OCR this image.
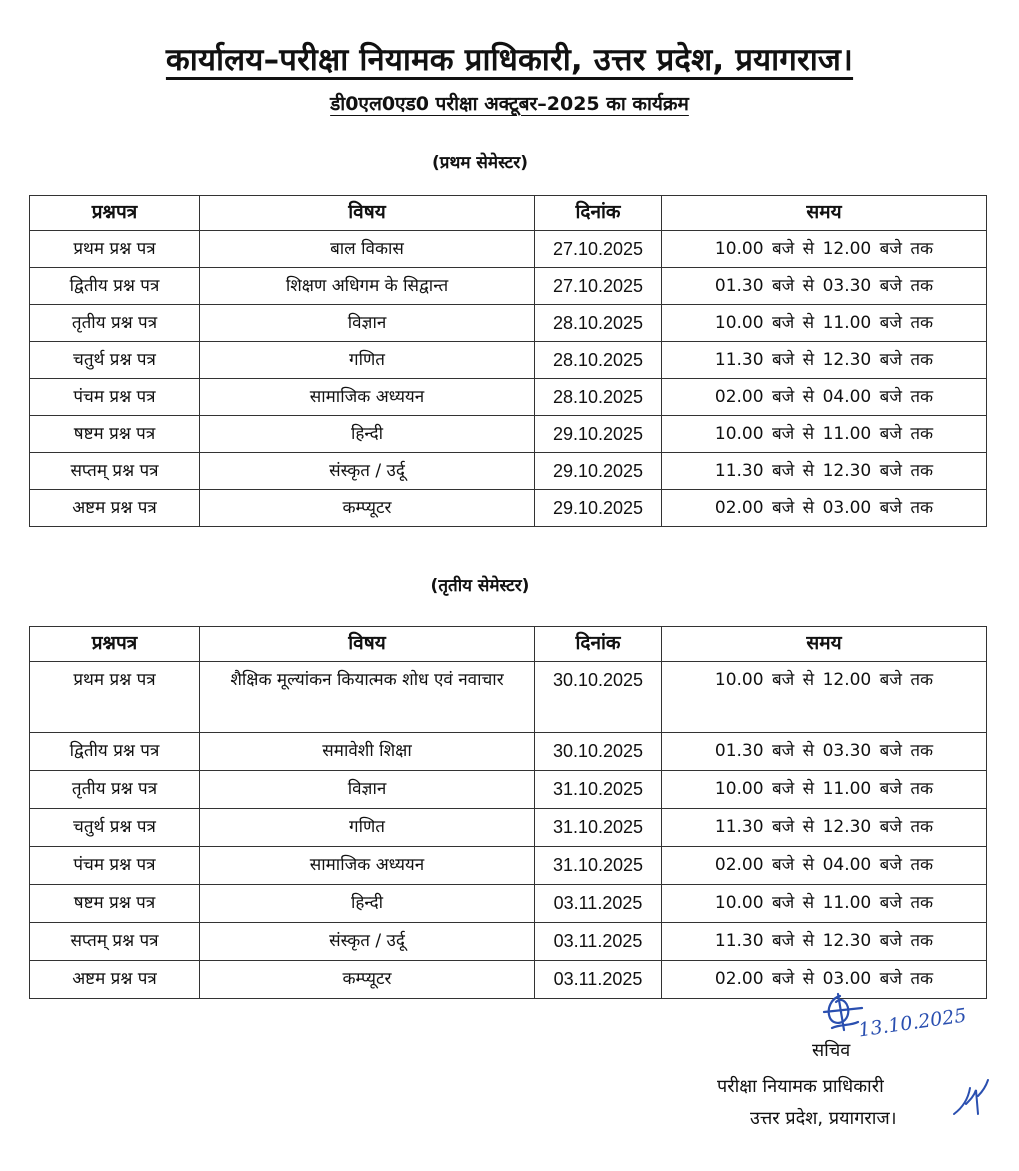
कार्यालय–परीक्षा नियामक प्राधिकारी, उत्तर प्रदेश, प्रयागराज।
डी0एल0एड0 परीक्षा अक्टूबर–2025 का कार्यक्रम
(प्रथम सेमेस्टर)
प्रश्नपत्र	विषय	दिनांक	समय
प्रथम प्रश्न पत्र	बाल विकास	27.10.2025	10.00 बजे से 12.00 बजे तक
द्वितीय प्रश्न पत्र	शिक्षण अधिगम के सिद्वान्त	27.10.2025	01.30 बजे से 03.30 बजे तक
तृतीय प्रश्न पत्र	विज्ञान	28.10.2025	10.00 बजे से 11.00 बजे तक
चतुर्थ प्रश्न पत्र	गणित	28.10.2025	11.30 बजे से 12.30 बजे तक
पंचम प्रश्न पत्र	सामाजिक अध्ययन	28.10.2025	02.00 बजे से 04.00 बजे तक
षष्टम प्रश्न पत्र	हिन्दी	29.10.2025	10.00 बजे से 11.00 बजे तक
सप्तम् प्रश्न पत्र	संस्कृत / उर्दू	29.10.2025	11.30 बजे से 12.30 बजे तक
अष्टम प्रश्न पत्र	कम्प्यूटर	29.10.2025	02.00 बजे से 03.00 बजे तक
(तृतीय सेमेस्टर)
प्रश्नपत्र	विषय	दिनांक	समय
प्रथम प्रश्न पत्र	शैक्षिक मूल्यांकन कियात्मक शोध एवं नवाचार	30.10.2025	10.00 बजे से 12.00 बजे तक
द्वितीय प्रश्न पत्र	समावेशी शिक्षा	30.10.2025	01.30 बजे से 03.30 बजे तक
तृतीय प्रश्न पत्र	विज्ञान	31.10.2025	10.00 बजे से 11.00 बजे तक
चतुर्थ प्रश्न पत्र	गणित	31.10.2025	11.30 बजे से 12.30 बजे तक
पंचम प्रश्न पत्र	सामाजिक अध्ययन	31.10.2025	02.00 बजे से 04.00 बजे तक
षष्टम प्रश्न पत्र	हिन्दी	03.11.2025	10.00 बजे से 11.00 बजे तक
सप्तम् प्रश्न पत्र	संस्कृत / उर्दू	03.11.2025	11.30 बजे से 12.30 बजे तक
अष्टम प्रश्न पत्र	कम्प्यूटर	03.11.2025	02.00 बजे से 03.00 बजे तक
13.10.2025
सचिव
परीक्षा नियामक प्राधिकारी
उत्तर प्रदेश, प्रयागराज।
